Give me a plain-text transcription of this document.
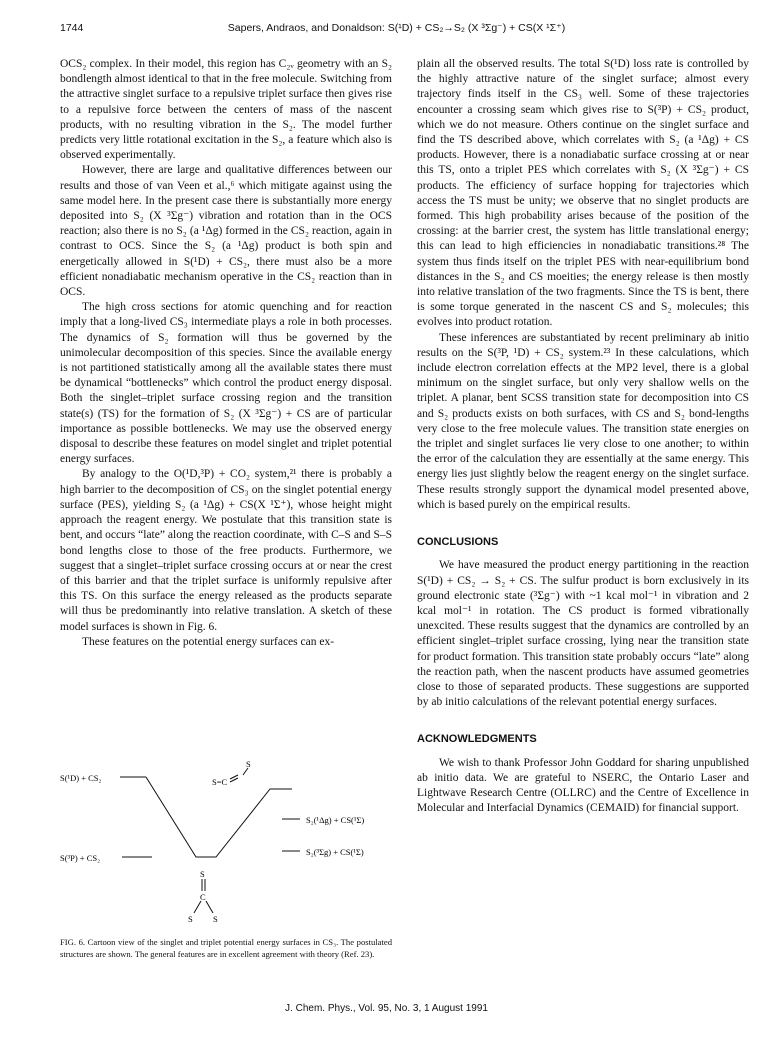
1744	Sapers, Andraos, and Donaldson: S(¹D) + CS₂→S₂ (X ³Σg⁻) + CS(X ¹Σ⁺)

OCS₂ complex. In their model, this region has C₂ᵥ geometry with an S₂ bondlength almost identical to that in the free molecule. Switching from the attractive singlet surface to a repulsive triplet surface then gives rise to a repulsive force between the centers of mass of the nascent products, with no resulting vibration in the S₂. The model further predicts very little rotational excitation in the S₂, a feature which also is observed experimentally.

However, there are large and qualitative differences between our results and those of van Veen et al.,⁶ which mitigate against using the same model here. In the present case there is substantially more energy deposited into S₂ (X ³Σg⁻) vibration and rotation than in the OCS reaction; also there is no S₂ (a ¹Δg) formed in the CS₂ reaction, again in contrast to OCS. Since the S₂ (a ¹Δg) product is both spin and energetically allowed in S(¹D) + CS₂, there must also be a more efficient nonadiabatic mechanism operative in the CS₂ reaction than in OCS.

The high cross sections for atomic quenching and for reaction imply that a long-lived CS₃ intermediate plays a role in both processes. The dynamics of S₂ formation will thus be governed by the unimolecular decomposition of this species. Since the available energy is not partitioned statistically among all the available states there must be dynamical “bottlenecks” which control the product energy disposal. Both the singlet–triplet surface crossing region and the transition state(s) (TS) for the formation of S₂ (X ³Σg⁻) + CS are of particular importance as possible bottlenecks. We may use the observed energy disposal to describe these features on model singlet and triplet potential energy surfaces.

By analogy to the O(¹D,³P) + CO₂ system,²¹ there is probably a high barrier to the decomposition of CS₃ on the singlet potential energy surface (PES), yielding S₂ (a ¹Δg) + CS(X ¹Σ⁺), whose height might approach the reagent energy. We postulate that this transition state is bent, and occurs “late” along the reaction coordinate, with C–S and S–S bond lengths close to those of the free products. Furthermore, we suggest that a singlet–triplet surface crossing occurs at or near the crest of this barrier and that the triplet surface is uniformly repulsive after this TS. On this surface the energy released as the products separate will thus be predominantly into relative translation. A sketch of these model surfaces is shown in Fig. 6.

These features on the potential energy surfaces can ex-

S(¹D) + CS₂
S(³P) + CS₂
S₂(¹Δg) + CS(¹Σ)
S₂(³Σg) + CS(¹Σ)
S=C
S
S
C
S S
FIG. 6. Cartoon view of the singlet and triplet potential energy surfaces in CS₃. The postulated structures are shown. The general features are in excellent agreement with theory (Ref. 23).

plain all the observed results. The total S(¹D) loss rate is controlled by the highly attractive nature of the singlet surface; almost every trajectory finds itself in the CS₃ well. Some of these trajectories encounter a crossing seam which gives rise to S(³P) + CS₂ product, which we do not measure. Others continue on the singlet surface and find the TS described above, which correlates with S₂ (a ¹Δg) + CS products. However, there is a nonadiabatic surface crossing at or near this TS, onto a triplet PES which correlates with S₂ (X ³Σg⁻) + CS products. The efficiency of surface hopping for trajectories which access the TS must be unity; we observe that no singlet products are formed. This high probability arises because of the position of the crossing: at the barrier crest, the system has little translational energy; this can lead to high efficiencies in nonadiabatic transitions.²⁸ The system thus finds itself on the triplet PES with near-equilibrium bond distances in the S₂ and CS moeities; the energy release is then mostly into relative translation of the two fragments. Since the TS is bent, there is some torque generated in the nascent CS and S₂ molecules; this evolves into product rotation.

These inferences are substantiated by recent preliminary ab initio results on the S(³P, ¹D) + CS₂ system.²³ In these calculations, which include electron correlation effects at the MP2 level, there is a global minimum on the singlet surface, but only very shallow wells on the triplet. A planar, bent SCSS transition state for decomposition into CS and S₂ products exists on both surfaces, with CS and S₂ bond-lengths very close to the free molecule values. The transition state energies on the triplet and singlet surfaces lie very close to one another; to within the error of the calculation they are essentially at the same energy. This energy lies just slightly below the reagent energy on the singlet surface. These results strongly support the dynamical model presented above, which is based purely on the empirical results.

CONCLUSIONS

We have measured the product energy partitioning in the reaction S(¹D) + CS₂ → S₂ + CS. The sulfur product is born exclusively in its ground electronic state (³Σg⁻) with ~1 kcal mol⁻¹ in vibration and 2 kcal mol⁻¹ in rotation. The CS product is formed vibrationally unexcited. These results suggest that the dynamics are controlled by an efficient singlet–triplet surface crossing, lying near the transition state for product formation. This transition state probably occurs “late” along the reaction path, when the nascent products have assumed geometries close to those of separated products. These suggestions are supported by ab initio calculations of the relevant potential energy surfaces.

ACKNOWLEDGMENTS

We wish to thank Professor John Goddard for sharing unpublished ab initio data. We are grateful to NSERC, the Ontario Laser and Lightwave Research Centre (OLLRC) and the Centre of Excellence in Molecular and Interfacial Dynamics (CEMAID) for financial support.

J. Chem. Phys., Vol. 95, No. 3, 1 August 1991
